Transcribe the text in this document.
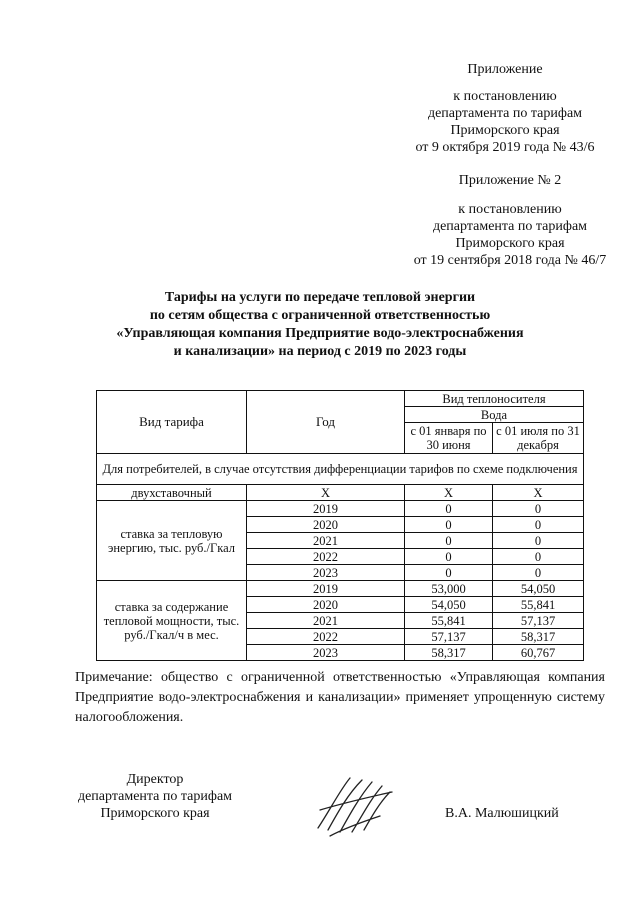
Приложение
к постановлению
департамента по тарифам
Приморского края
от 9 октября 2019 года № 43/6
Приложение № 2
к постановлению
департамента по тарифам
Приморского края
от 19 сентября 2018 года № 46/7
Тарифы на услуги по передаче тепловой энергии
по сетям общества с ограниченной ответственностью
«Управляющая компания Предприятие водо-электроснабжения
и канализации» на период с 2019 по 2023 годы
Вид тарифа	Год	Вид теплоносителя	
		Вода	
		с 01 января по 30 июня	с 01 июля по 31 декабря

Для потребителей, в случае отсутствия дифференциации тарифов по схеме подключения			
двухставочный	X	X	X
ставка за тепловую энергию, тыс. руб./Гкал	2019	0	0
	2020	0	0
	2021	0	0
	2022	0	0
	2023	0	0
ставка за содержание тепловой мощности, тыс. руб./Гкал/ч в мес.	2019	53,000	54,050
	2020	54,050	55,841
	2021	55,841	57,137
	2022	57,137	58,317
	2023	58,317	60,767
Примечание: общество с ограниченной ответственностью «Управляющая компания Предприятие водо-электроснабжения и канализации» применяет упрощенную систему налогообложения.
Директор
департамента по тарифам
Приморского края	В.А. Малюшицкий
